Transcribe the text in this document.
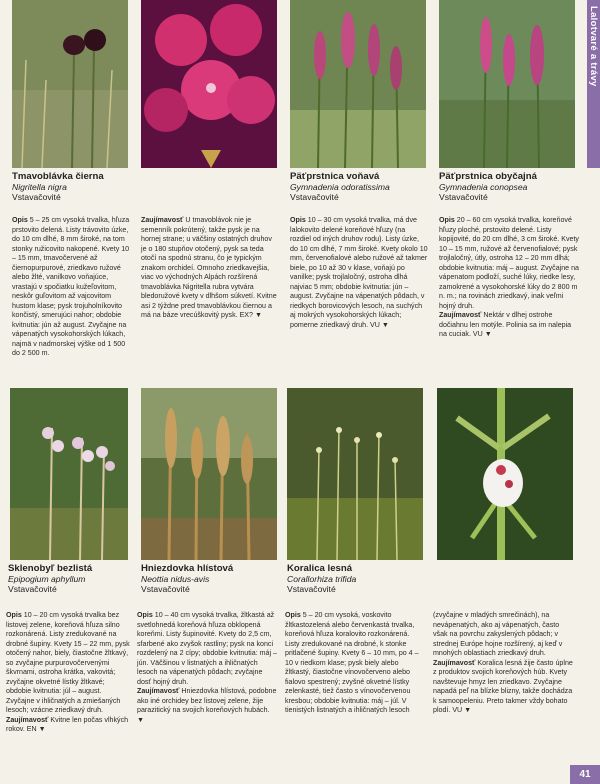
Lalotvaré a trávy
Tmavoblávka čierna
Nigritella nigra
Vstavačovité
Päťprstnica voňavá
Gymnadenia odoratissima
Vstavačovité
Päťprstnica obyčajná
Gymnadenia conopsea
Vstavačovité

Opis 5 – 25 cm vysoká trvalka, hľuza prstovito delená. Listy trávovito úzke, do 10 cm dlhé, 8 mm široké, na tom stonky ružicovito nakopené. Kvety 10 – 15 mm, tmavočervené až čiernopurpurové, zriedkavo ružové alebo žlté, vanilkovo voňajúce, vrastajú v spočiatku kužeľovitom, neskôr guľovitom až vajcovitom hustom klase; pysk trojuholníkovito končistý, smerujúci nahor; obdobie kvitnutia: jún až august. Zvyčajne na vápenatých vysokohorských lúkach, najmä v nadmorskej výške od 1 500 do 2 500 m.

Zaujímavosť U tmavoblávok nie je semenník pokrútený, takže pysk je na hornej strane; u väčšiny ostatných druhov je o 180 stupňov otočený, pysk sa teda otočí na spodnú stranu, čo je typickým znakom orchideí. Omnoho zriedkavejšia, viac vo východných Alpách rozšírená tmavoblávka Nigritella rubra vytvára bledoružové kvety v dlhšom súkvetí. Kvitne asi 2 týždne pred tmavoblávkou čiernou a má na báze vrecúškovitý pysk. EX? ▼

Opis 10 – 30 cm vysoká trvalka, má dve lalokovito delené koreňové hľuzy (na rozdiel od iných druhov rodu). Listy úzke, do 10 cm dlhé, 7 mm široké. Kvety okolo 10 mm, červenofialové alebo ružové až takmer biele, po 10 až 30 v klase, voňajú po vanilke; pysk trojlaločný, ostroha dlhá najviac 5 mm; obdobie kvitnutia: jún – august. Zvyčajne na vápenatých pôdach, v riedkych borovicových lesoch, na suchých aj mokrých vysokohorských lúkach; pomerne zriedkavý druh. VU ▼

Opis 20 – 60 cm vysoká trvalka, koreňové hľuzy ploché, prstovito delené. Listy kopijovité, do 20 cm dlhé, 3 cm široké. Kvety 10 – 15 mm, ružové až červenofialové; pysk trojlaločný, útly, ostroha 12 – 20 mm dlhá; obdobie kvitnutia: máj – august. Zvyčajne na vápenatom podloží, suché lúky, riedke lesy, zamokrené a vysokohorské lúky do 2 800 m n. m.; na rovinách zriedkavý, inak veľmi hojný druh.

Zaujímavosť Nektár v dlhej ostrohe dočiahnu len motýle. Polinia sa im nalepia na cuciak. VU ▼

Sklenobyľ bezlistá
Epipogium aphyllum
Vstavačovité
Hniezdovka hlístová
Neottia nidus-avis
Vstavačovité
Koralica lesná
Corallorhiza trifida
Vstavačovité

Opis 10 – 20 cm vysoká trvalka bez listovej zelene, koreňová hľuza silno rozkonárená. Listy zredukované na drobné šupiny. Kvety 15 – 22 mm, pysk otočený nahor, biely, čiastočne žltkavý, so zvyčajne purpurovočervenými škvrnami, ostroha krátka, vakovitá; zvyčajne okvetné lístky žltkavé; obdobie kvitnutia: júl – august. Zvyčajne v ihličnatých a zmiešaných lesoch; vzácne zriedkavý druh.

Zaujímavosť Kvitne len počas vlhkých rokov. EN ▼

Opis 10 – 40 cm vysoká trvalka, žltkastá až svetlohnedá koreňová hľuza obklopená koreňmi. Listy šupinovité. Kvety do 2,5 cm, sfarbené ako zvyšok rastliny; pysk na konci rozdelený na 2 cípy; obdobie kvitnutia: máj – jún. Väčšinou v listnatých a ihličnatých lesoch na vápenatých pôdach; zvyčajne dosť hojný druh.

Zaujímavosť Hniezdovka hlístová, podobne ako iné orchidey bez listovej zelene, žije parazitický na svojich koreňových hubách. ▼

Opis 5 – 20 cm vysoká, voskovito žltkastozelená alebo červenkastá trvalka, koreňová hľuza koralovito rozkonárená. Listy zredukované na drobné, k stonke pritlačené šupiny. Kvety 6 – 10 mm, po 4 – 10 v riedkom klase; pysk biely alebo žltkastý, čiastočne vínovočervenо alebo fialovo spestrený; zvyšné okvetné lístky zelenkasté, tiež často s vínovočervenou kresbou; obdobie kvitnutia: máj – júl. V tienistých listnatých a ihličnatých lesoch

(zvyčajne v mladých smrečinách), na nevápenatých, ako aj vápenatých, často však na povrchu zakyslených pôdach; v strednej Európe hojne rozšírený, aj keď v mnohých oblastiach zriedkavý druh.

Zaujímavosť Koralica lesná žije často úplne z produktov svojich koreňových húb. Kvety navštevuje hmyz len zriedkavo. Zvyčajne napadá peľ na blízke blizny, takže dochádza k samoopeleniu. Preto takmer vždy bohato plodí. VU ▼

41
